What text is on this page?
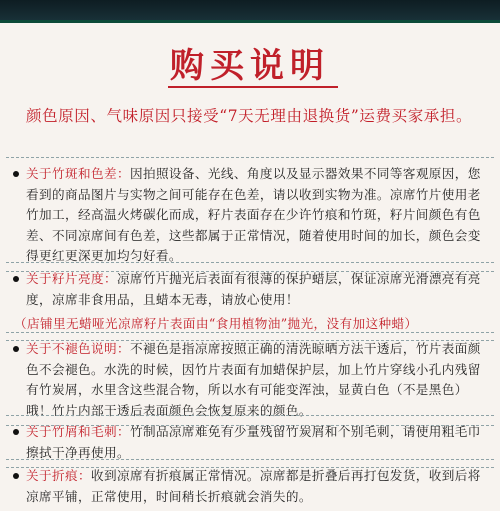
购买说明
颜色原因、气味原因只接受“7天无理由退换货”运费买家承担。
关于竹斑和色差：因拍照设备、光线、角度以及显示器效果不同等客观原因，您看到的商品图片与实物之间可能存在色差，请以收到实物为准。凉席竹片使用老竹加工，经高温火烤碳化而成，籽片表面存在少许竹痕和竹斑，籽片间颜色有色差、不同凉席间有色差，这些都属于正常情况，随着使用时间的加长，颜色会变得更红更深更加均匀好看。
关于籽片亮度：凉席竹片抛光后表面有很薄的保护蜡层，保证凉席光滑漂亮有亮度，凉席非食用品，且蜡本无毒，请放心使用！
（店铺里无蜡哑光凉席籽片表面由“食用植物油”抛光，没有加这种蜡）
关于不褪色说明：不褪色是指凉席按照正确的清洗晾晒方法干透后，竹片表面颜色不会褪色。水洗的时候，因竹片表面有加蜡保护层，加上竹片穿线小孔内残留有竹炭屑，水里含这些混合物，所以水有可能变浑浊，显黄白色（不是黑色）哦！竹片内部干透后表面颜色会恢复原来的颜色。
关于竹屑和毛刺：竹制品凉席难免有少量残留竹炭屑和个别毛刺，请使用粗毛巾擦拭干净再使用。
关于折痕：收到凉席有折痕属正常情况。凉席都是折叠后再打包发货，收到后将凉席平铺，正常使用，时间稍长折痕就会消失的。
